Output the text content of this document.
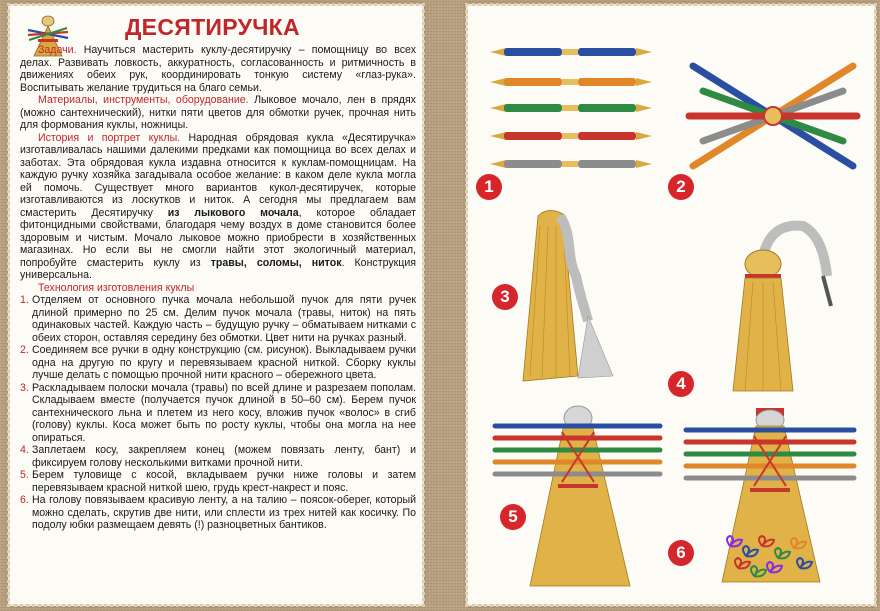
ДЕСЯТИРУЧКА

Задачи. Научиться мастерить куклу-десятиручку – помощницу во всех делах. Развивать ловкость, аккуратность, согласованность и ритмичность в движениях обеих рук, координировать тонкую систему «глаз-рука». Воспитывать желание трудиться на благо семьи.

Материалы, инструменты, оборудование. Лыковое мочало, лен в прядях (можно сантехнический), нитки пяти цветов для обмотки ручек, прочная нить для формования куклы, ножницы.

История и портрет куклы. Народная обрядовая кукла «Десятиручка» изготавливалась нашими далекими предками как помощница во всех делах и заботах. Эта обрядовая кукла издавна относится к куклам-помощницам. На каждую ручку хозяйка загадывала особое желание: в каком деле кукла могла ей помочь. Существует много вариантов кукол-десятиручек, которые изготавливаются из лоскутков и ниток. А сегодня мы предлагаем вам смастерить Десятиручку из лыкового мочала, которое обладает фитонцидными свойствами, благодаря чему воздух в доме становится более здоровым и чистым. Мочало лыковое можно приобрести в хозяйственных магазинах. Но если вы не смогли найти этот экологичный материал, попробуйте смастерить куклу из травы, соломы, ниток. Конструкция универсальна.

Технология изготовления куклы

1. Отделяем от основного пучка мочала небольшой пучок для пяти ручек длиной примерно по 25 см. Делим пучок мочала (травы, ниток) на пять одинаковых частей. Каждую часть – будущую ручку – обматываем нитками с обеих сторон, оставляя середину без обмотки. Цвет нити на ручках разный.
2. Соединяем все ручки в одну конструкцию (см. рисунок). Выкладываем ручки одна на другую по кругу и перевязываем красной ниткой. Сборку куклы лучше делать с помощью прочной нити красного – обережного цвета.
3. Раскладываем полоски мочала (травы) по всей длине и разрезаем пополам. Складываем вместе (получается пучок длиной в 50–60 см). Берем пучок сантехнического льна и плетем из него косу, вложив пучок «волос» в сгиб (голову) куклы. Коса может быть по росту куклы, чтобы она могла на нее опираться.
4. Заплетаем косу, закрепляем конец (можем повязать ленту, бант) и фиксируем голову несколькими витками прочной нити.
5. Берем туловище с косой, вкладываем ручки ниже головы и затем перевязываем красной ниткой шею, грудь крест-накрест и пояс.
6. На голову повязываем красивую ленту, а на талию – поясок-оберег, который можно сделать, скрутив две нити, или сплести из трех нитей как косичку. По подолу юбки размещаем девять (!) разноцветных бантиков.
1	2
3
4
5
6
